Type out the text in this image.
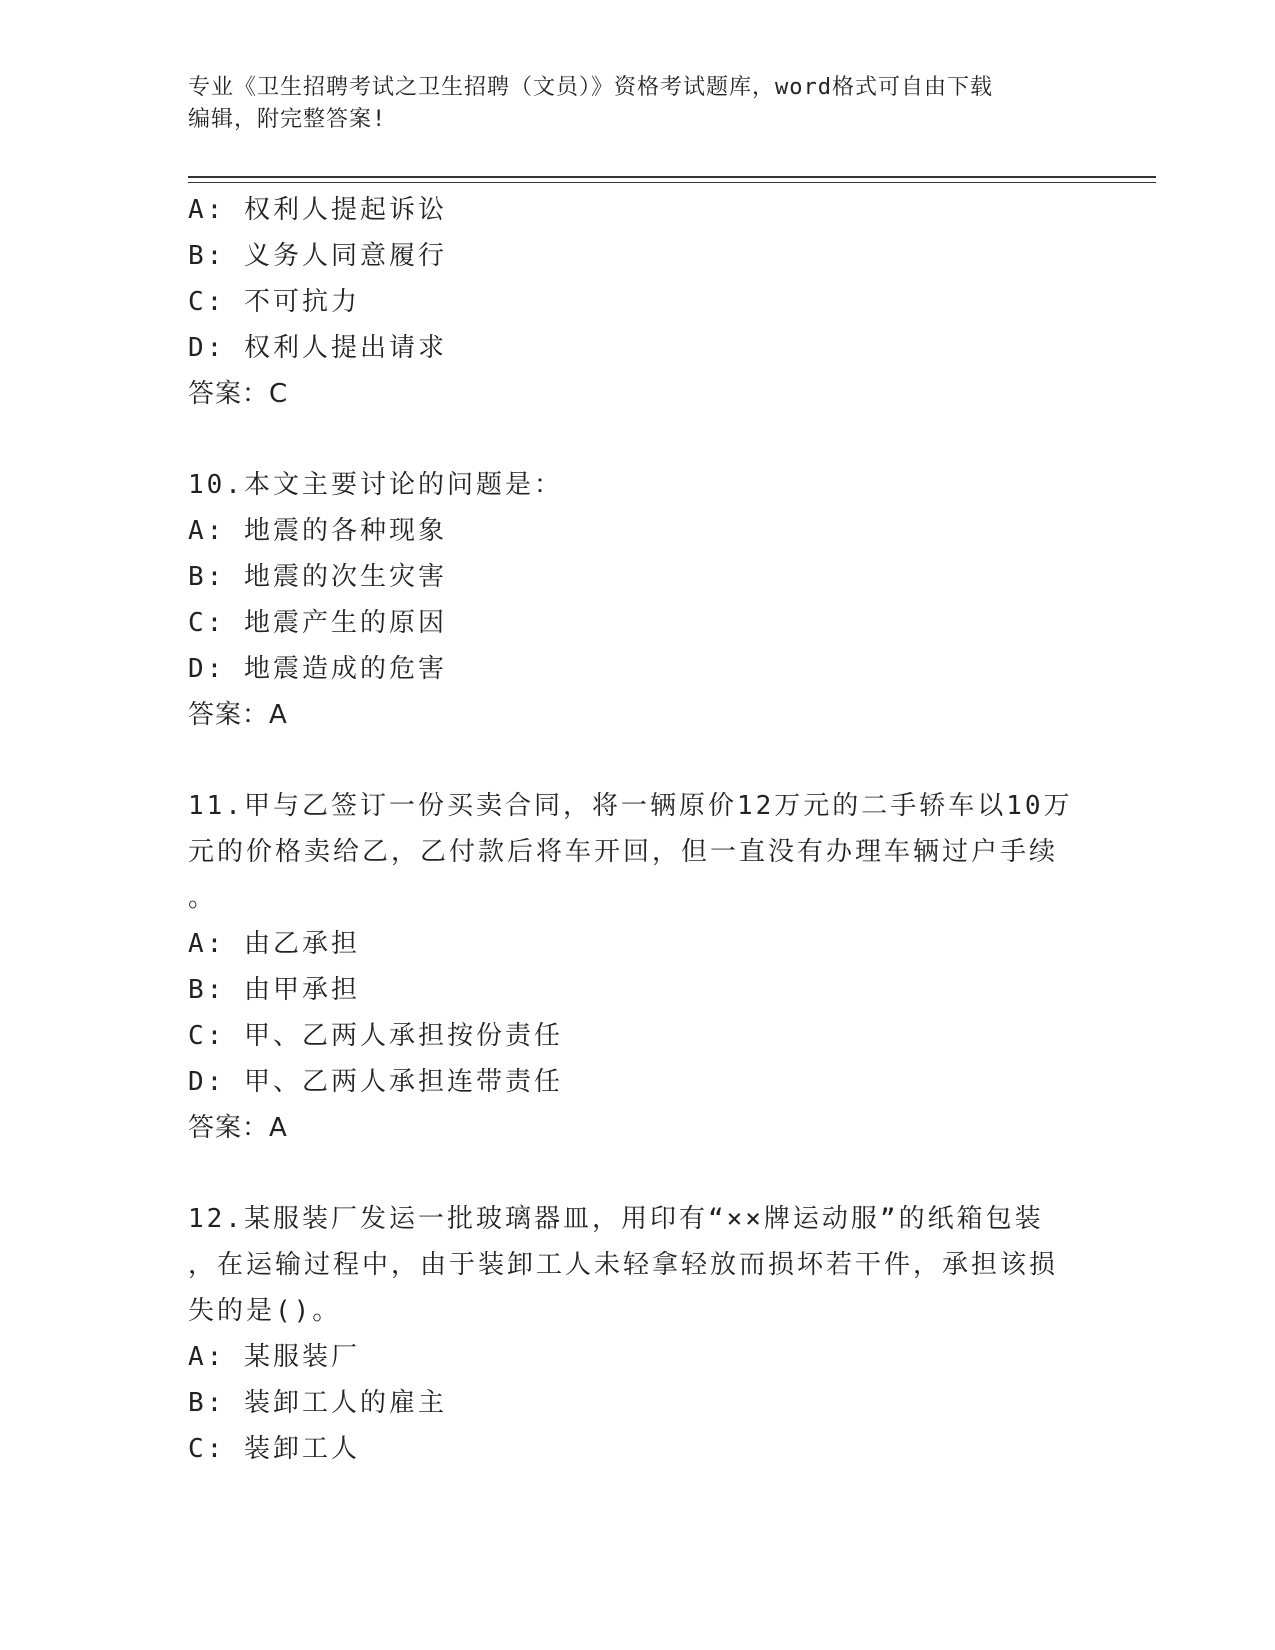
专业《卫生招聘考试之卫生招聘（文员）》资格考试题库，word格式可自由下载
编辑，附完整答案!
A: 权利人提起诉讼
B: 义务人同意履行
C: 不可抗力
D: 权利人提出请求
答案：C
10.本文主要讨论的问题是：
A: 地震的各种现象
B: 地震的次生灾害
C: 地震产生的原因
D: 地震造成的危害
答案：A
11.甲与乙签订一份买卖合同，将一辆原价12万元的二手轿车以10万
元的价格卖给乙，乙付款后将车开回，但一直没有办理车辆过户手续
。
A: 由乙承担
B: 由甲承担
C: 甲、乙两人承担按份责任
D: 甲、乙两人承担连带责任
答案：A
12.某服装厂发运一批玻璃器皿，用印有“××牌运动服”的纸箱包装
，在运输过程中，由于装卸工人未轻拿轻放而损坏若干件，承担该损
失的是()。
A: 某服装厂
B: 装卸工人的雇主
C: 装卸工人
